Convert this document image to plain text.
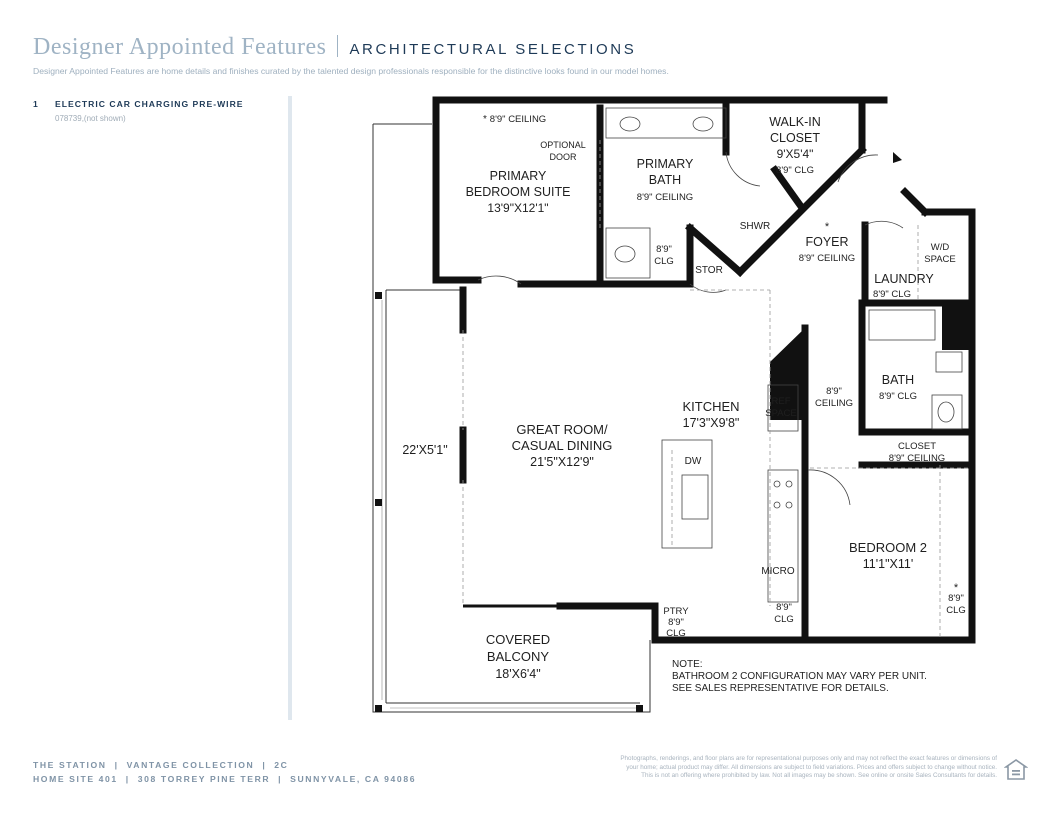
Designer Appointed Features ARCHITECTURAL SELECTIONS
Designer Appointed Features are home details and finishes curated by the talented design professionals responsible for the distinctive looks found in our model homes.
1	ELECTRIC CAR CHARGING PRE-WIRE
078739,(not shown)
PRIMARY
BEDROOM SUITE
13'9"X12'1"
* 8'9" CEILING
OPTIONAL
DOOR	PRIMARY
BATH
8'9" CEILING
8'9"
CLG
SHWR
STOR
WALK-IN
CLOSET
9'X5'4"
8'9" CLG
*
FOYER
8'9" CEILING
W/D
SPACE
LAUNDRY
8'9" CLG
8'9"
CEILING
BATH
8'9" CLG
CLOSET
8'9" CEILING
GREAT ROOM/
CASUAL DINING
21'5"X12'9"
KITCHEN
17'3"X9'8"
REF
SPACE
DW
MICRO
8'9"
CLG
PTRY
8'9"
CLG
BEDROOM 2
11'1"X11'
*
8'9"
CLG
22'X5'1"
COVERED
BALCONY
18'X6'4"
NOTE:
BATHROOM 2 CONFIGURATION MAY VARY PER UNIT.
SEE SALES REPRESENTATIVE FOR DETAILS.
THE STATION  |  VANTAGE COLLECTION  |  2C
HOME SITE 401  |  308 TORREY PINE TERR  |  SUNNYVALE, CA 94086
Photographs, renderings, and floor plans are for representational purposes only and may not reflect the exact features or dimensions of
your home; actual product may differ. All dimensions are subject to field variations. Prices and offers subject to change without notice.
This is not an offering where prohibited by law. Not all images may be shown. See online or onsite Sales Consultants for details.
